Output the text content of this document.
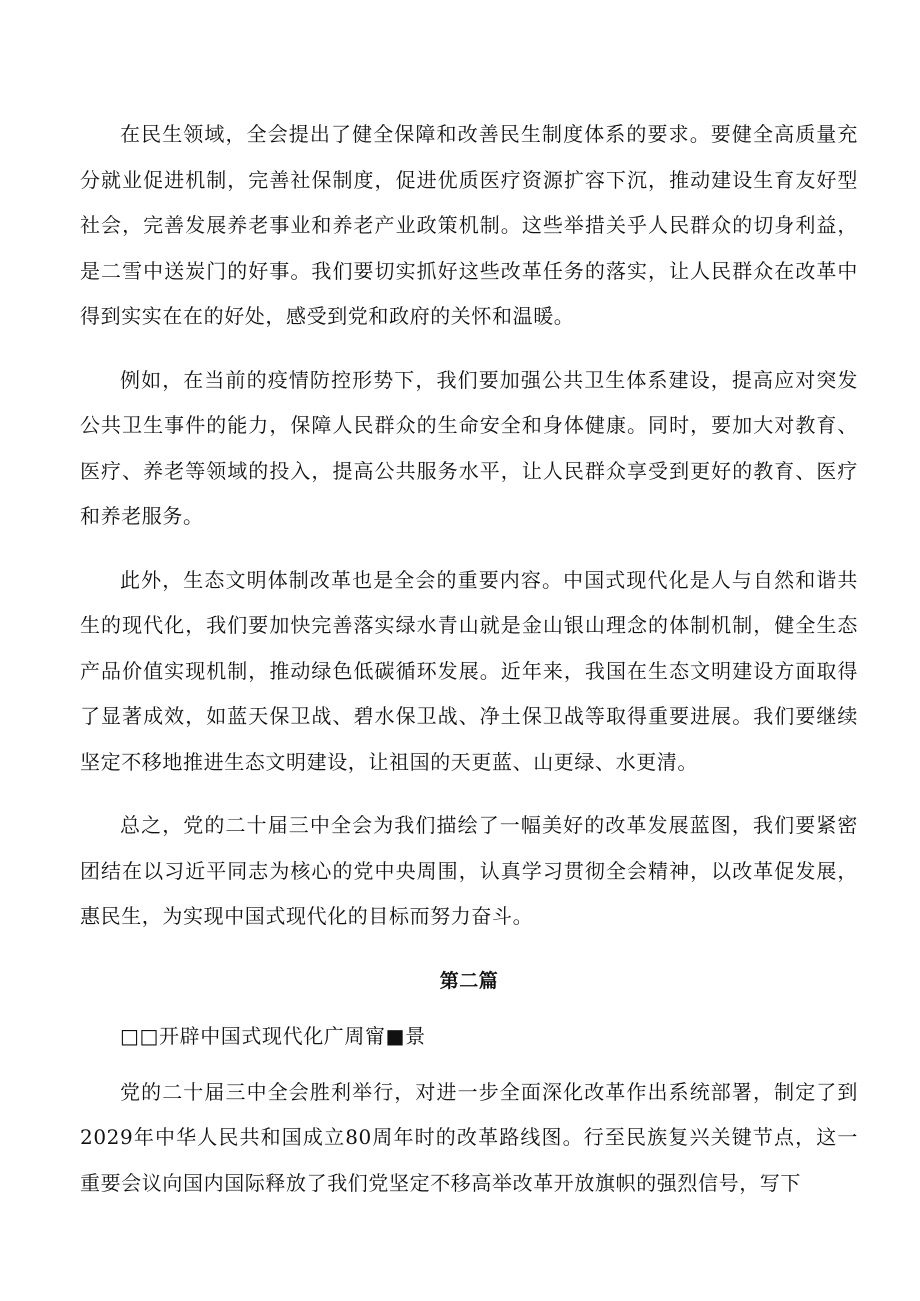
在民生领域，全会提出了健全保障和改善民生制度体系的要求。要健全高质量充分就业促进机制，完善社保制度，促进优质医疗资源扩容下沉，推动建设生育友好型社会，完善发展养老事业和养老产业政策机制。这些举措关乎人民群众的切身利益，是二雪中送炭门的好事。我们要切实抓好这些改革任务的落实，让人民群众在改革中得到实实在在的好处，感受到党和政府的关怀和温暖。

例如，在当前的疫情防控形势下，我们要加强公共卫生体系建设，提高应对突发公共卫生事件的能力，保障人民群众的生命安全和身体健康。同时，要加大对教育、医疗、养老等领域的投入，提高公共服务水平，让人民群众享受到更好的教育、医疗和养老服务。

此外，生态文明体制改革也是全会的重要内容。中国式现代化是人与自然和谐共生的现代化，我们要加快完善落实绿水青山就是金山银山理念的体制机制，健全生态产品价值实现机制，推动绿色低碳循环发展。近年来，我国在生态文明建设方面取得了显著成效，如蓝天保卫战、碧水保卫战、净土保卫战等取得重要进展。我们要继续坚定不移地推进生态文明建设，让祖国的天更蓝、山更绿、水更清。

总之，党的二十届三中全会为我们描绘了一幅美好的改革发展蓝图，我们要紧密团结在以习近平同志为核心的党中央周围，认真学习贯彻全会精神，以改革促发展，惠民生，为实现中国式现代化的目标而努力奋斗。

第二篇
□□开辟中国式现代化广周甯■景

党的二十届三中全会胜利举行，对进一步全面深化改革作出系统部署，制定了到2029年中华人民共和国成立80周年时的改革路线图。行至民族复兴关键节点，这一重要会议向国内国际释放了我们党坚定不移高举改革开放旗帜的强烈信号，写下
